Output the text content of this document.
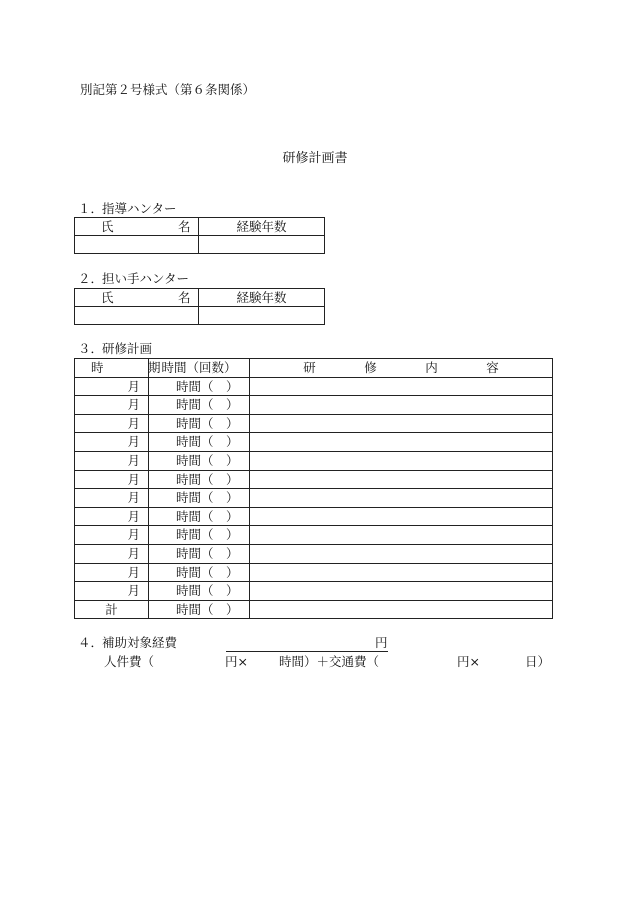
別記第２号様式（第６条関係）
研修計画書
１．指導ハンター
氏　名	経験年数

２．担い手ハンター
氏　名	経験年数

３．研修計画
時　期	時間（回数）	研　修　内　容
月	時間（　）	
月	時間（　）	
月	時間（　）	
月	時間（　）	
月	時間（　）	
月	時間（　）	
月	時間（　）	
月	時間（　）	
月	時間（　）	
月	時間（　）	
月	時間（　）	
月	時間（　）	
計	時間（　）	
４．補助対象経費	円
人件費（	円× 時間）＋交通費（	円×	日）
